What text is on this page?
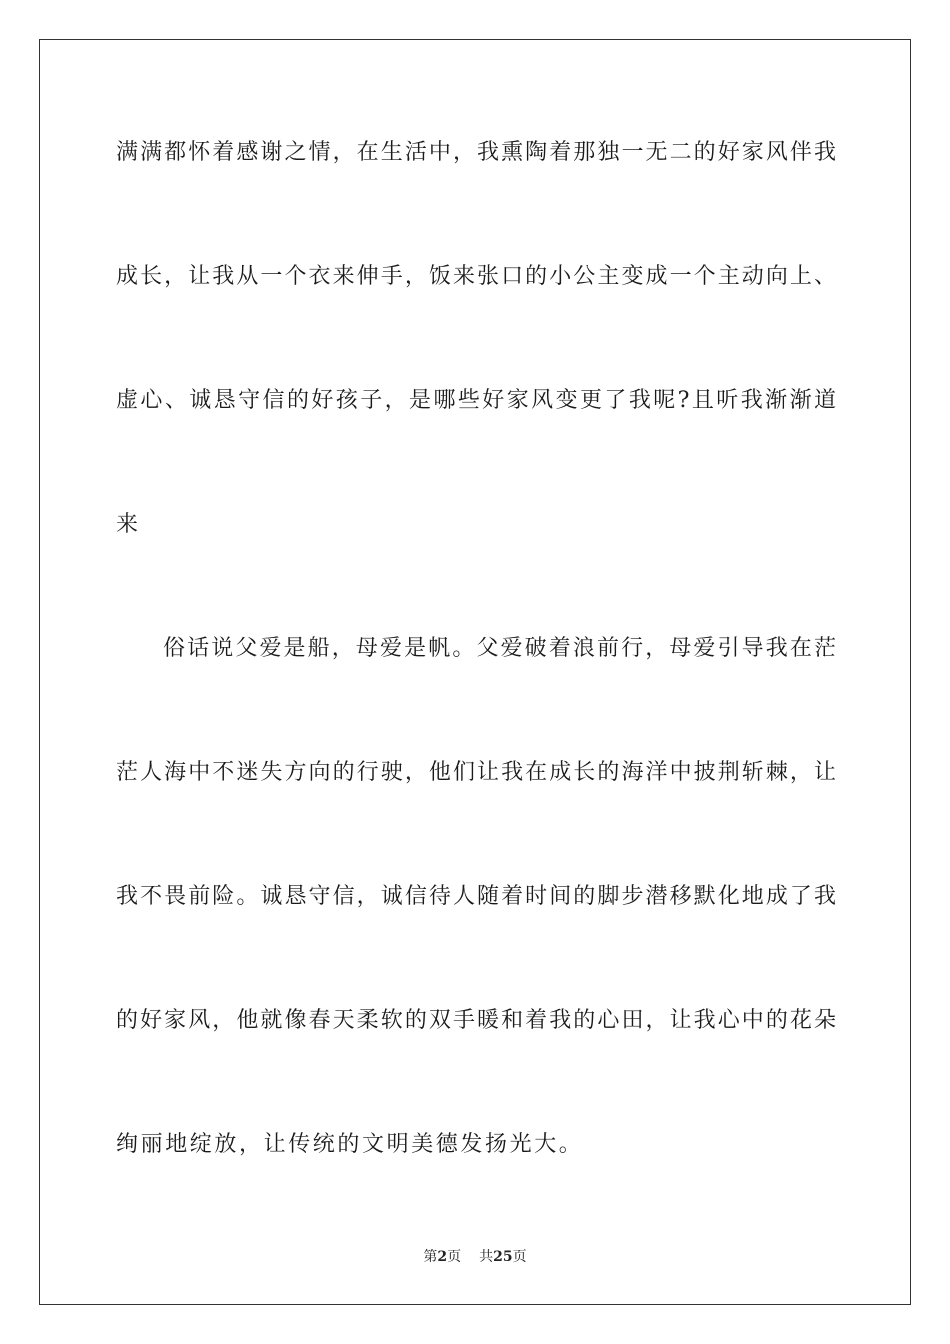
满满都怀着感谢之情，在生活中，我熏陶着那独一无二的好家风伴我
成长，让我从一个衣来伸手，饭来张口的小公主变成一个主动向上、
虚心、诚恳守信的好孩子，是哪些好家风变更了我呢?且听我渐渐道
来
俗话说父爱是船，母爱是帆。父爱破着浪前行，母爱引导我在茫
茫人海中不迷失方向的行驶，他们让我在成长的海洋中披荆斩棘，让
我不畏前险。诚恳守信，诚信待人随着时间的脚步潜移默化地成了我
的好家风，他就像春天柔软的双手暖和着我的心田，让我心中的花朵
绚丽地绽放，让传统的文明美德发扬光大。
第2页 共25页
